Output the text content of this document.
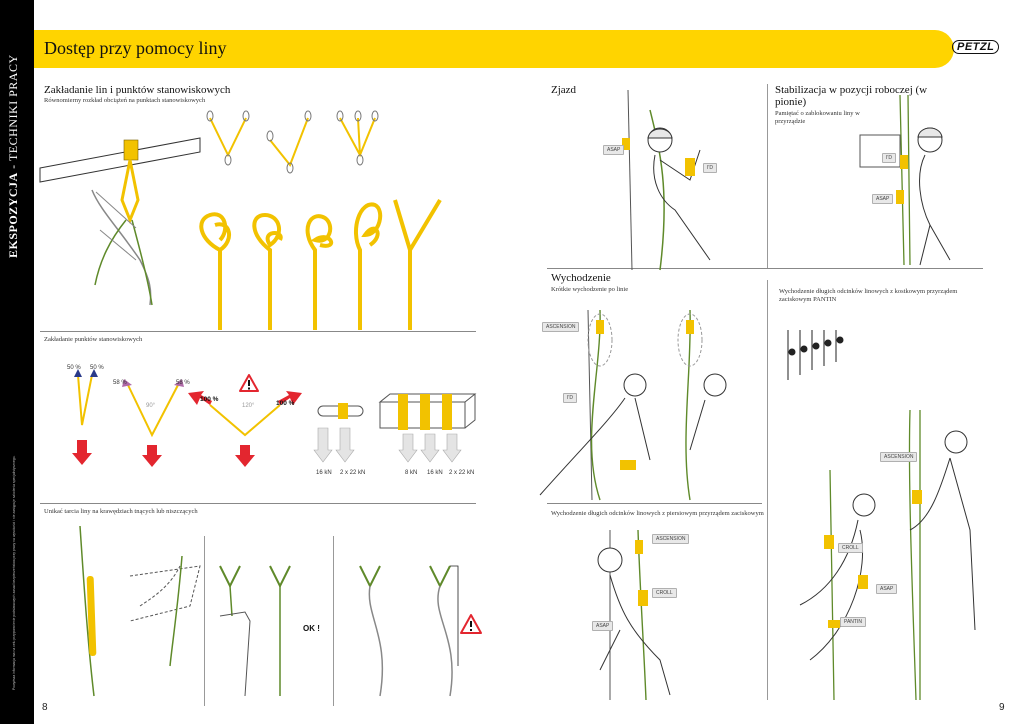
EKSPOZYCJA - TECHNIKI PRACY
Powyższa informacja ma na celu przypomnienie podstawowych zasad bezpieczeństwa przy pracy na wysokości i nie zastępuje szkolenia specjalistycznego.
Dostęp przy pomocy liny	PETZL
Zakładanie lin i punktów stanowiskowych
Równomierny rozkład obciążeń na punktach stanowiskowych
Zakładanie punktów stanowiskowych
50 % 50 %
58 %	58 %
90°	120°
100 %
100 %
16 kN 2 x 22 kN	8 kN 16 kN 2 x 22 kN
Unikać tarcia liny na krawędziach tnących lub niszczących
OK !
8
Zjazd	Stabilizacja w pozycji roboczej (w pionie)
Pamiętać o zablokowaniu liny w przyrządzie
ASAP
I'D
I'D
ASAP
Wychodzenie
Krótkie wychodzenie po linie	Wychodzenie długich odcinków linowych z kostkowym przyrządem zaciskowym PANTIN
ASCENSION
I'D
Wychodzenie długich odcinków linowych z piersiowym przyrządem zaciskowym
ASCENSION
CROLL
ASAP
ASCENSION
CROLL
ASAP
PANTIN
9
